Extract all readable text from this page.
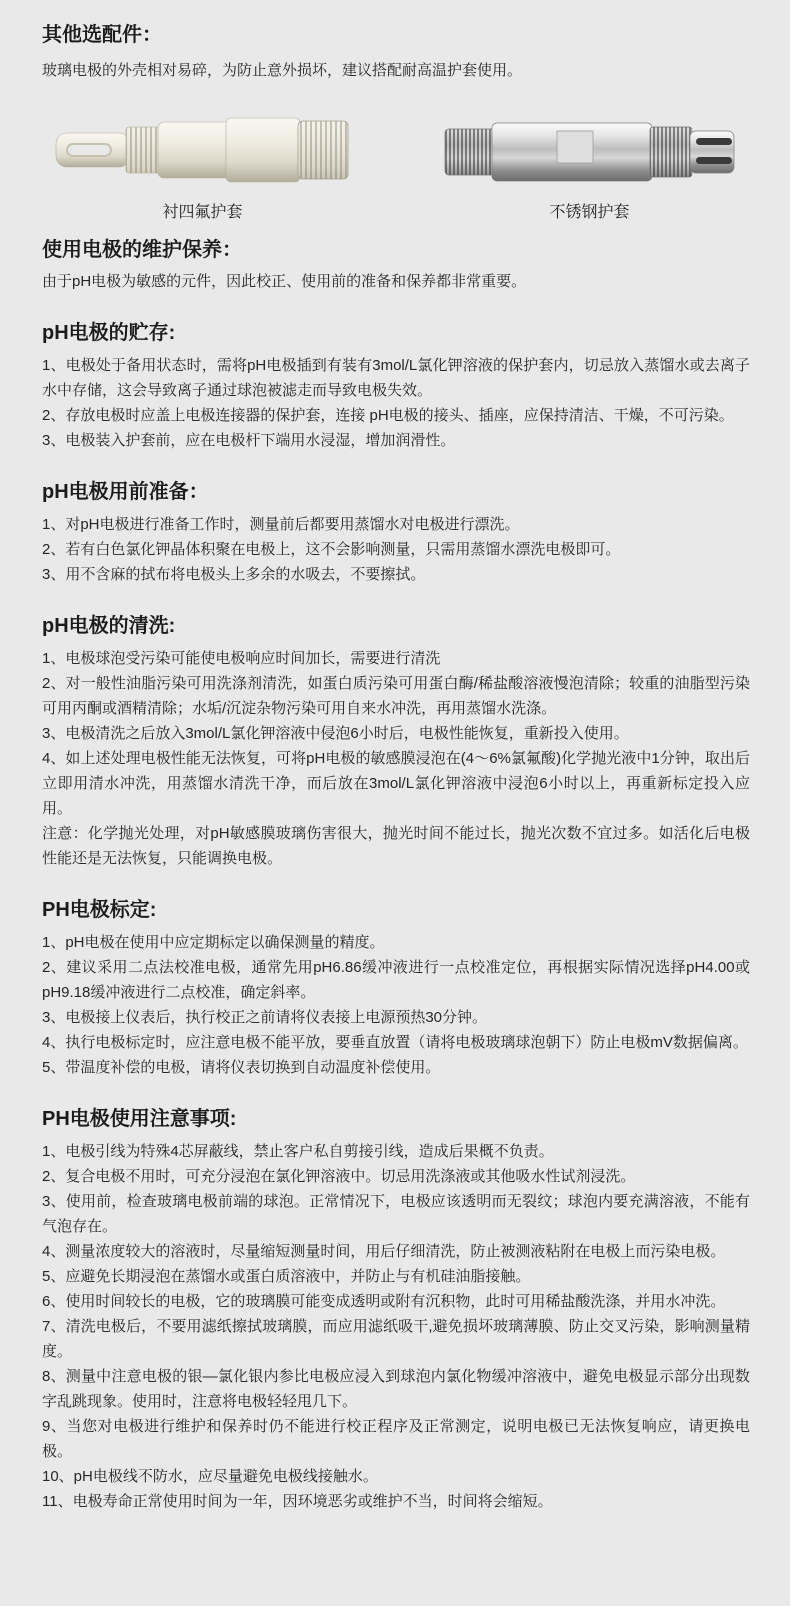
其他选配件：

玻璃电极的外壳相对易碎，为防止意外损坏，建议搭配耐高温护套使用。

衬四氟护套	不锈钢护套
使用电极的维护保养：

由于pH电极为敏感的元件，因此校正、使用前的准备和保养都非常重要。

pH电极的贮存:

1、电极处于备用状态时，需将pH电极插到有装有3mol/L氯化钾溶液的保护套内，切忌放入蒸馏水或去离子水中存储，这会导致离子通过球泡被滤走而导致电极失效。

2、存放电极时应盖上电极连接器的保护套，连接 pH电极的接头、插座，应保持清洁、干燥，不可污染。

3、电极装入护套前，应在电极杆下端用水浸湿，增加润滑性。

pH电极用前准备：

1、对pH电极进行准备工作时，测量前后都要用蒸馏水对电极进行漂洗。

2、若有白色氯化钾晶体积聚在电极上，这不会影响测量，只需用蒸馏水漂洗电极即可。

3、用不含麻的拭布将电极头上多余的水吸去，不要擦拭。

pH电极的清洗:

1、电极球泡受污染可能使电极响应时间加长，需要进行清洗

2、对一般性油脂污染可用洗涤剂清洗，如蛋白质污染可用蛋白酶/稀盐酸溶液慢泡清除；较重的油脂型污染可用丙酮或酒精清除；水垢/沉淀杂物污染可用自来水冲洗，再用蒸馏水洗涤。

3、电极清洗之后放入3mol/L氯化钾溶液中侵泡6小时后，电极性能恢复，重新投入使用。

4、如上述处理电极性能无法恢复，可将pH电极的敏感膜浸泡在(4～6%氯氟酸)化学抛光液中1分钟，取出后立即用清水冲洗，用蒸馏水清洗干净，而后放在3mol/L氯化钾溶液中浸泡6小时以上，再重新标定投入应用。

注意：化学抛光处理，对pH敏感膜玻璃伤害很大，抛光时间不能过长，抛光次数不宜过多。如活化后电极性能还是无法恢复，只能调换电极。

PH电极标定:

1、pH电极在使用中应定期标定以确保测量的精度。

2、建议采用二点法校准电极，通常先用pH6.86缓冲液进行一点校准定位，再根据实际情况选择pH4.00或pH9.18缓冲液进行二点校准，确定斜率。

3、电极接上仪表后，执行校正之前请将仪表接上电源预热30分钟。

4、执行电极标定时，应注意电极不能平放，要垂直放置（请将电极玻璃球泡朝下）防止电极mV数据偏离。

5、带温度补偿的电极，请将仪表切换到自动温度补偿使用。

PH电极使用注意事项:

1、电极引线为特殊4芯屏蔽线，禁止客户私自剪接引线，造成后果概不负责。

2、复合电极不用时，可充分浸泡在氯化钾溶液中。切忌用洗涤液或其他吸水性试剂浸洗。

3、使用前，检查玻璃电极前端的球泡。正常情况下，电极应该透明而无裂纹；球泡内要充满溶液，不能有气泡存在。

4、测量浓度较大的溶液时，尽量缩短测量时间，用后仔细清洗，防止被测液粘附在电极上而污染电极。

5、应避免长期浸泡在蒸馏水或蛋白质溶液中，并防止与有机硅油脂接触。

6、使用时间较长的电极，它的玻璃膜可能变成透明或附有沉积物，此时可用稀盐酸洗涤，并用水冲洗。

7、清洗电极后，不要用滤纸擦拭玻璃膜，而应用滤纸吸干,避免损坏玻璃薄膜、防止交叉污染，影响测量精度。

8、测量中注意电极的银—氯化银内参比电极应浸入到球泡内氯化物缓冲溶液中，避免电极显示部分出现数字乱跳现象。使用时，注意将电极轻轻甩几下。

9、当您对电极进行维护和保养时仍不能进行校正程序及正常测定，说明电极已无法恢复响应，请更换电极。

10、pH电极线不防水，应尽量避免电极线接触水。

11、电极寿命正常使用时间为一年，因环境恶劣或维护不当，时间将会缩短。
